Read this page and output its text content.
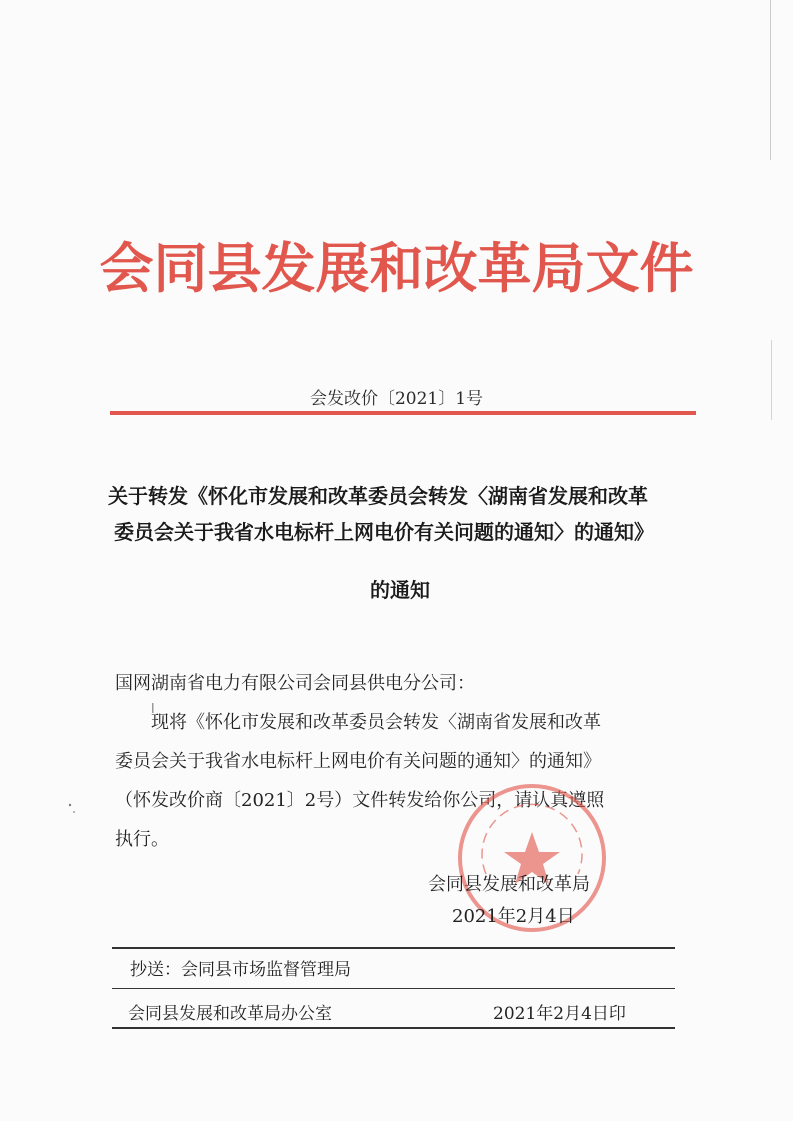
会同县发展和改革局文件
会发改价〔2021〕1号
关于转发《怀化市发展和改革委员会转发〈湖南省发展和改革
委员会关于我省水电标杆上网电价有关问题的通知〉的通知》
的通知
国网湖南省电力有限公司会同县供电分公司：
现将《怀化市发展和改革委员会转发〈湖南省发展和改革
委员会关于我省水电标杆上网电价有关问题的通知〉的通知》
（怀发改价商〔2021〕2号）文件转发给你公司，请认真遵照
执行。
会同县发展和改革局
2021年2月4日
抄送：会同县市场监督管理局
会同县发展和改革局办公室	2021年2月4日印
